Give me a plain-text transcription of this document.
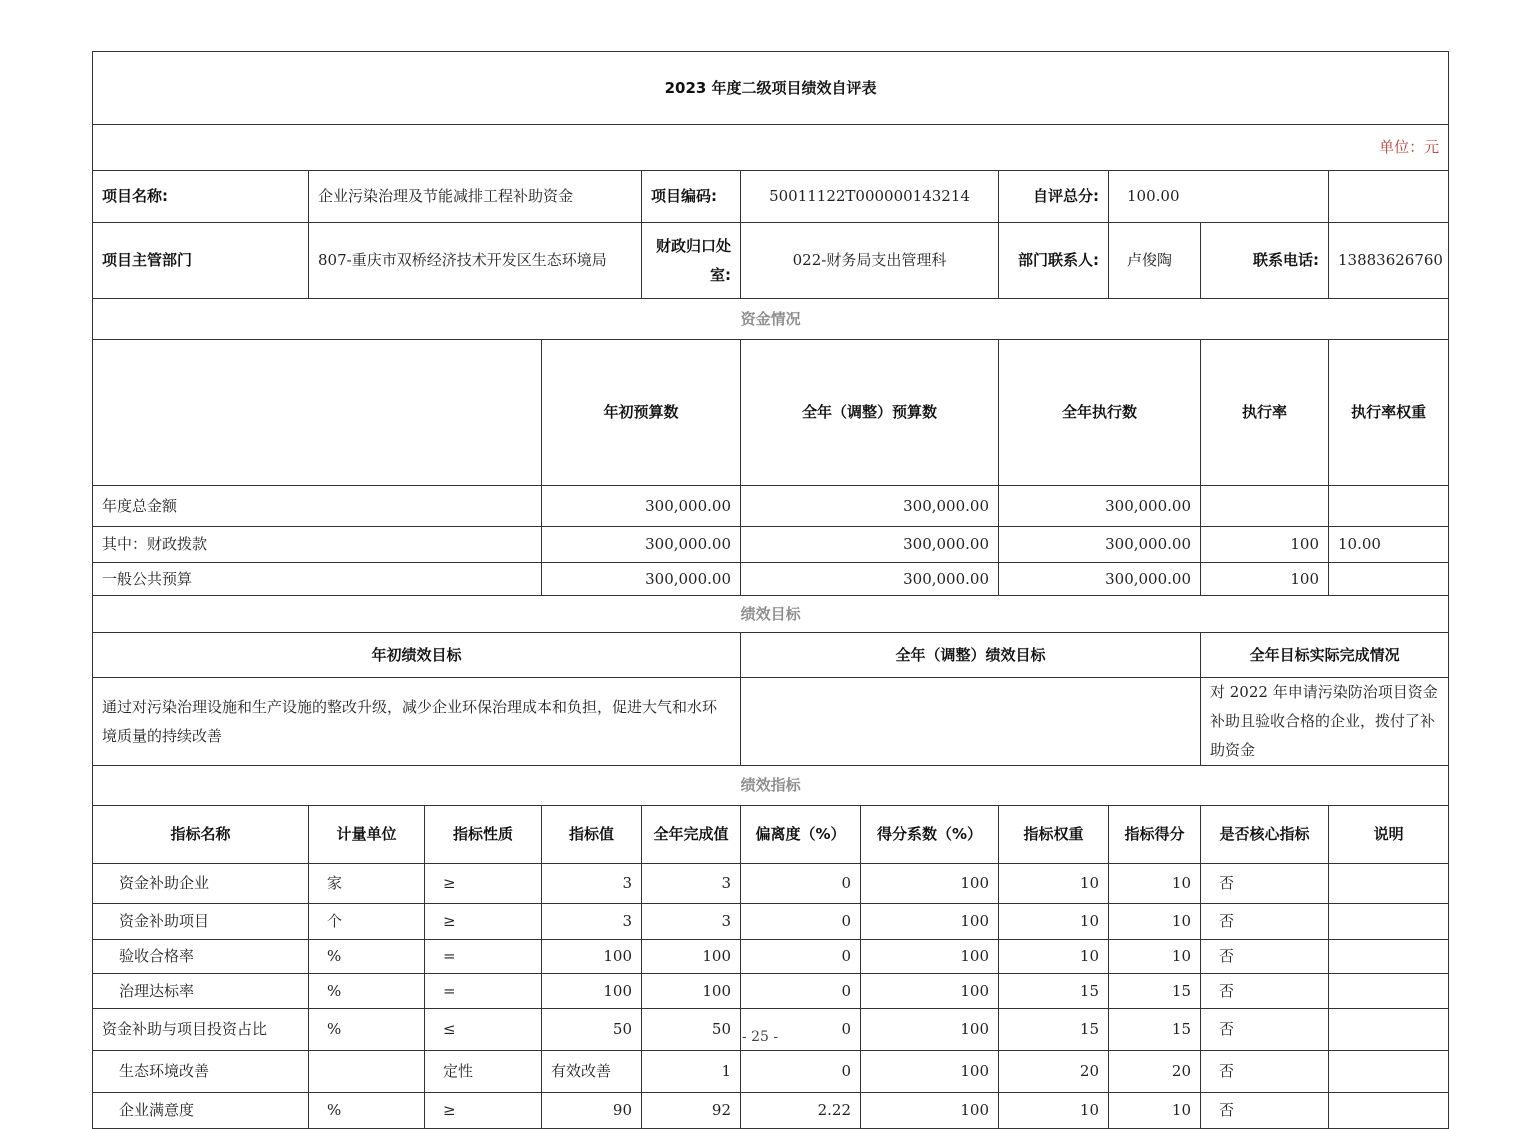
2023 年度二级项目绩效自评表											
单位：元											
项目名称:	企业污染治理及节能减排工程补助资金			项目编码:	50011122T000000143214		自评总分:	100.00			
项目主管部门	807-重庆市双桥经济技术开发区生态环境局			财政归口处室:	022-财务局支出管理科		部门联系人:	卢俊陶	联系电话:	13883626760	
资金情况											
			年初预算数		全年（调整）预算数		全年执行数		执行率	执行率权重	
年度总金额			300,000.00		300,000.00		300,000.00				
其中：财政拨款			300,000.00		300,000.00		300,000.00		100	10.00	
一般公共预算			300,000.00		300,000.00		300,000.00		100		
绩效目标											
年初绩效目标					全年（调整）绩效目标				全年目标实际完成情况		
通过对污染治理设施和生产设施的整改升级，减少企业环保治理成本和负担，促进大气和水环境质量的持续改善									对 2022 年申请污染防治项目资金补助且验收合格的企业，拨付了补助资金		
绩效指标											
指标名称	计量单位	指标性质	指标值	全年完成值	偏离度（%）	得分系数（%）	指标权重	指标得分	是否核心指标	说明	
资金补助企业	家	≥	3	3	0	100	10	10	否		
资金补助项目	个	≥	3	3	0	100	10	10	否		
验收合格率	%	=	100	100	0	100	10	10	否		
治理达标率	%	=	100	100	0	100	15	15	否		
资金补助与项目投资占比	%	≤	50	50	0	100	15	15	否		
生态环境改善		定性	有效改善	1	0	100	20	20	否		
企业满意度	%	≥	90	92	2.22	100	10	10	否		
- 25 -
